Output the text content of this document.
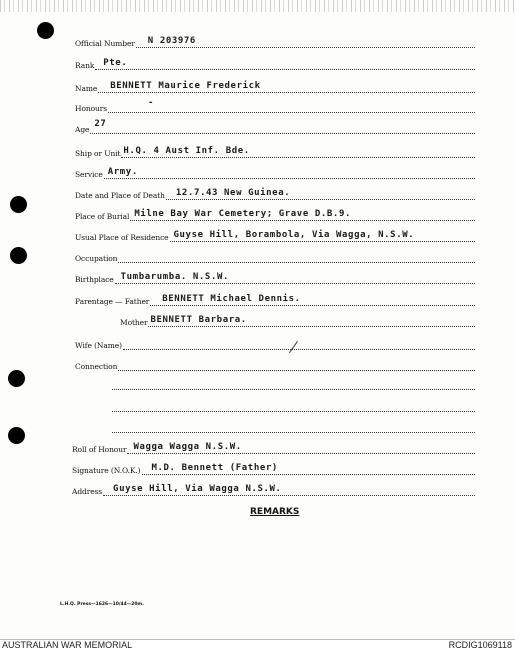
Official Number N 203976
Rank Pte.
Name BENNETT Maurice Frederick
Honours
-
Age
27
Ship or Unit H.Q. 4 Aust Inf. Bde.
Service Army.
Date and Place of Death 12.7.43 New Guinea.
Place of Burial Milne Bay War Cemetery; Grave D.B.9.
Usual Place of Residence Guyse Hill, Borambola, Via Wagga, N.S.W.
Occupation
Birthplace Tumbarumba. N.S.W.
Parentage — Father BENNETT Michael Dennis.
Mother BENNETT Barbara.
Wife (Name)
Connection
Roll of Honour Wagga Wagga N.S.W.
Signature (N.O.K.) M.D. Bennett (Father)
Address Guyse Hill, Via Wagga N.S.W.
REMARKS
L.H.Q. Press—1626—10/44—20m.
AUSTRALIAN WAR MEMORIAL	RCDIG1069118
